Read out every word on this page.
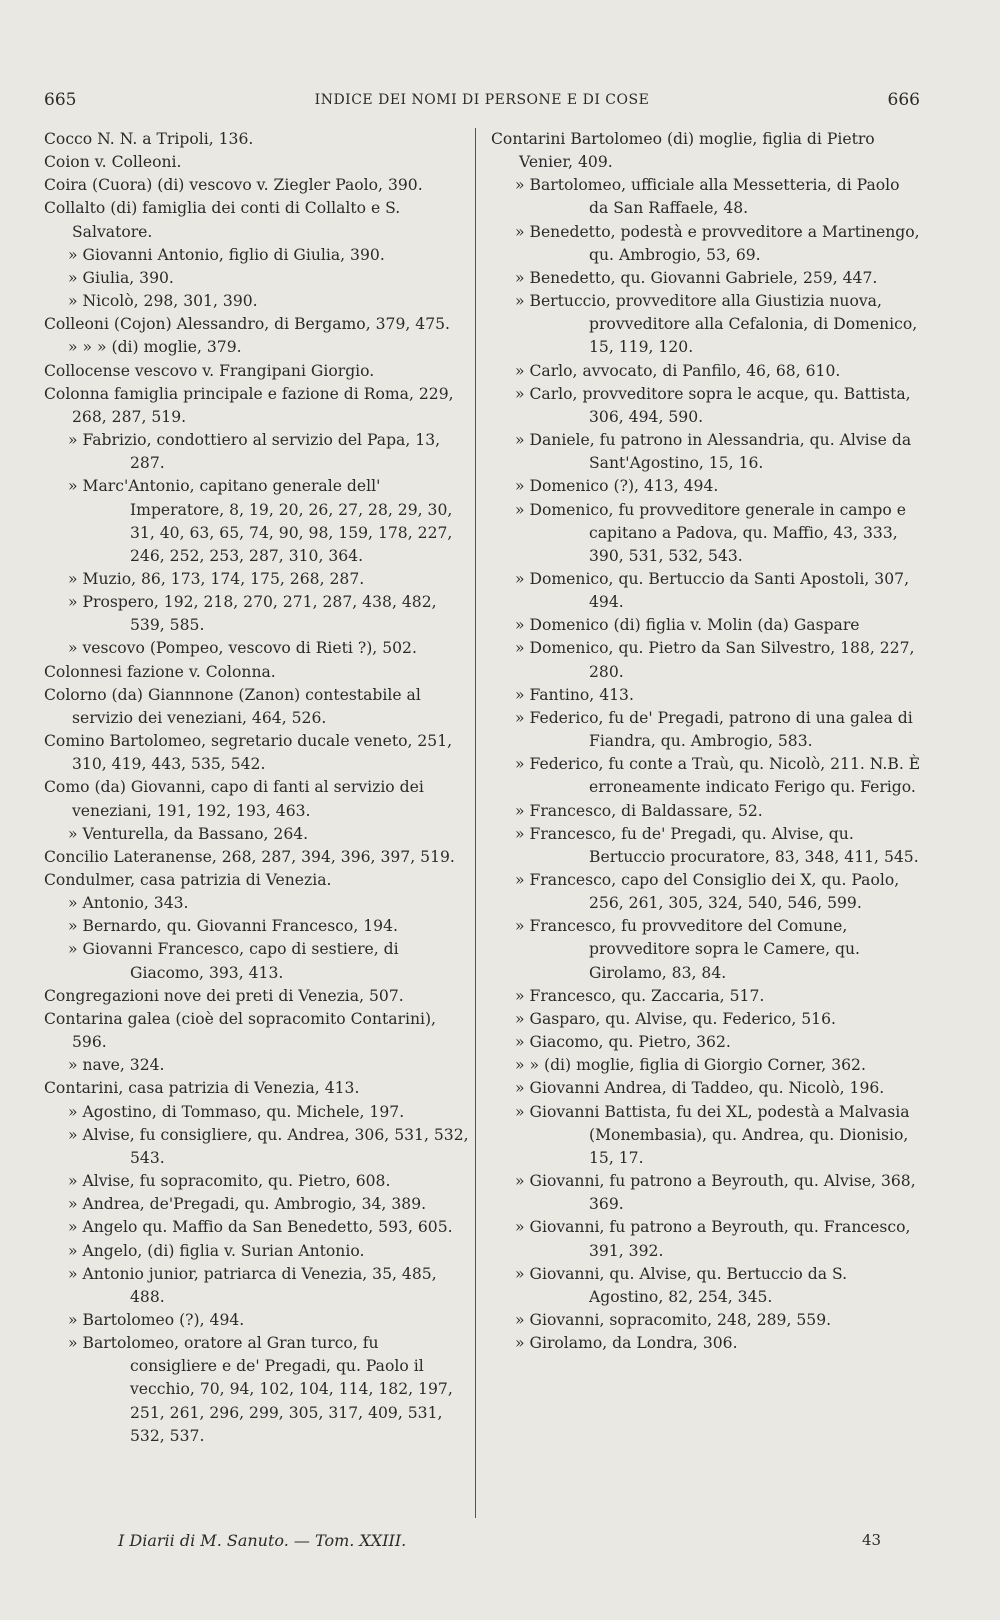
665	INDICE DEI NOMI DI PERSONE E DI COSE	666
Cocco N. N. a Tripoli, 136.
Coion v. Colleoni.
Coira (Cuora) (di) vescovo v. Ziegler Paolo, 390.
Collalto (di) famiglia dei conti di Collalto e S. Salvatore.
» Giovanni Antonio, figlio di Giulia, 390.
» Giulia, 390.
» Nicolò, 298, 301, 390.
Colleoni (Cojon) Alessandro, di Bergamo, 379, 475.
» » » (di) moglie, 379.
Collocense vescovo v. Frangipani Giorgio.
Colonna famiglia principale e fazione di Roma, 229, 268, 287, 519.
» Fabrizio, condottiero al servizio del Papa, 13, 287.
» Marc'Antonio, capitano generale dell' Imperatore, 8, 19, 20, 26, 27, 28, 29, 30, 31, 40, 63, 65, 74, 90, 98, 159, 178, 227, 246, 252, 253, 287, 310, 364.
» Muzio, 86, 173, 174, 175, 268, 287.
» Prospero, 192, 218, 270, 271, 287, 438, 482, 539, 585.
» vescovo (Pompeo, vescovo di Rieti ?), 502.
Colonnesi fazione v. Colonna.
Colorno (da) Giannnone (Zanon) contestabile al servizio dei veneziani, 464, 526.
Comino Bartolomeo, segretario ducale veneto, 251, 310, 419, 443, 535, 542.
Como (da) Giovanni, capo di fanti al servizio dei veneziani, 191, 192, 193, 463.
» Venturella, da Bassano, 264.
Concilio Lateranense, 268, 287, 394, 396, 397, 519.
Condulmer, casa patrizia di Venezia.
» Antonio, 343.
» Bernardo, qu. Giovanni Francesco, 194.
» Giovanni Francesco, capo di sestiere, di Giacomo, 393, 413.
Congregazioni nove dei preti di Venezia, 507.
Contarina galea (cioè del sopracomito Contarini), 596.
» nave, 324.
Contarini, casa patrizia di Venezia, 413.
» Agostino, di Tommaso, qu. Michele, 197.
» Alvise, fu consigliere, qu. Andrea, 306, 531, 532, 543.
» Alvise, fu sopracomito, qu. Pietro, 608.
» Andrea, de'Pregadi, qu. Ambrogio, 34, 389.
» Angelo qu. Maffio da San Benedetto, 593, 605.
» Angelo, (di) figlia v. Surian Antonio.
» Antonio junior, patriarca di Venezia, 35, 485, 488.
» Bartolomeo (?), 494.
» Bartolomeo, oratore al Gran turco, fu consigliere e de' Pregadi, qu. Paolo il vecchio, 70, 94, 102, 104, 114, 182, 197, 251, 261, 296, 299, 305, 317, 409, 531, 532, 537.
Contarini Bartolomeo (di) moglie, figlia di Pietro Venier, 409.
» Bartolomeo, ufficiale alla Messetteria, di Paolo da San Raffaele, 48.
» Benedetto, podestà e provveditore a Martinengo, qu. Ambrogio, 53, 69.
» Benedetto, qu. Giovanni Gabriele, 259, 447.
» Bertuccio, provveditore alla Giustizia nuova, provveditore alla Cefalonia, di Domenico, 15, 119, 120.
» Carlo, avvocato, di Panfilo, 46, 68, 610.
» Carlo, provveditore sopra le acque, qu. Battista, 306, 494, 590.
» Daniele, fu patrono in Alessandria, qu. Alvise da Sant'Agostino, 15, 16.
» Domenico (?), 413, 494.
» Domenico, fu provveditore generale in campo e capitano a Padova, qu. Maffio, 43, 333, 390, 531, 532, 543.
» Domenico, qu. Bertuccio da Santi Apostoli, 307, 494.
» Domenico (di) figlia v. Molin (da) Gaspare
» Domenico, qu. Pietro da San Silvestro, 188, 227, 280.
» Fantino, 413.
» Federico, fu de' Pregadi, patrono di una galea di Fiandra, qu. Ambrogio, 583.
» Federico, fu conte a Traù, qu. Nicolò, 211. N.B. È erroneamente indicato Ferigo qu. Ferigo.
» Francesco, di Baldassare, 52.
» Francesco, fu de' Pregadi, qu. Alvise, qu. Bertuccio procuratore, 83, 348, 411, 545.
» Francesco, capo del Consiglio dei X, qu. Paolo, 256, 261, 305, 324, 540, 546, 599.
» Francesco, fu provveditore del Comune, provveditore sopra le Camere, qu. Girolamo, 83, 84.
» Francesco, qu. Zaccaria, 517.
» Gasparo, qu. Alvise, qu. Federico, 516.
» Giacomo, qu. Pietro, 362.
» » (di) moglie, figlia di Giorgio Corner, 362.
» Giovanni Andrea, di Taddeo, qu. Nicolò, 196.
» Giovanni Battista, fu dei XL, podestà a Malvasia (Monembasia), qu. Andrea, qu. Dionisio, 15, 17.
» Giovanni, fu patrono a Beyrouth, qu. Alvise, 368, 369.
» Giovanni, fu patrono a Beyrouth, qu. Francesco, 391, 392.
» Giovanni, qu. Alvise, qu. Bertuccio da S. Agostino, 82, 254, 345.
» Giovanni, sopracomito, 248, 289, 559.
» Girolamo, da Londra, 306.
I Diarii di M. Sanuto. — Tom. XXIII.	43
